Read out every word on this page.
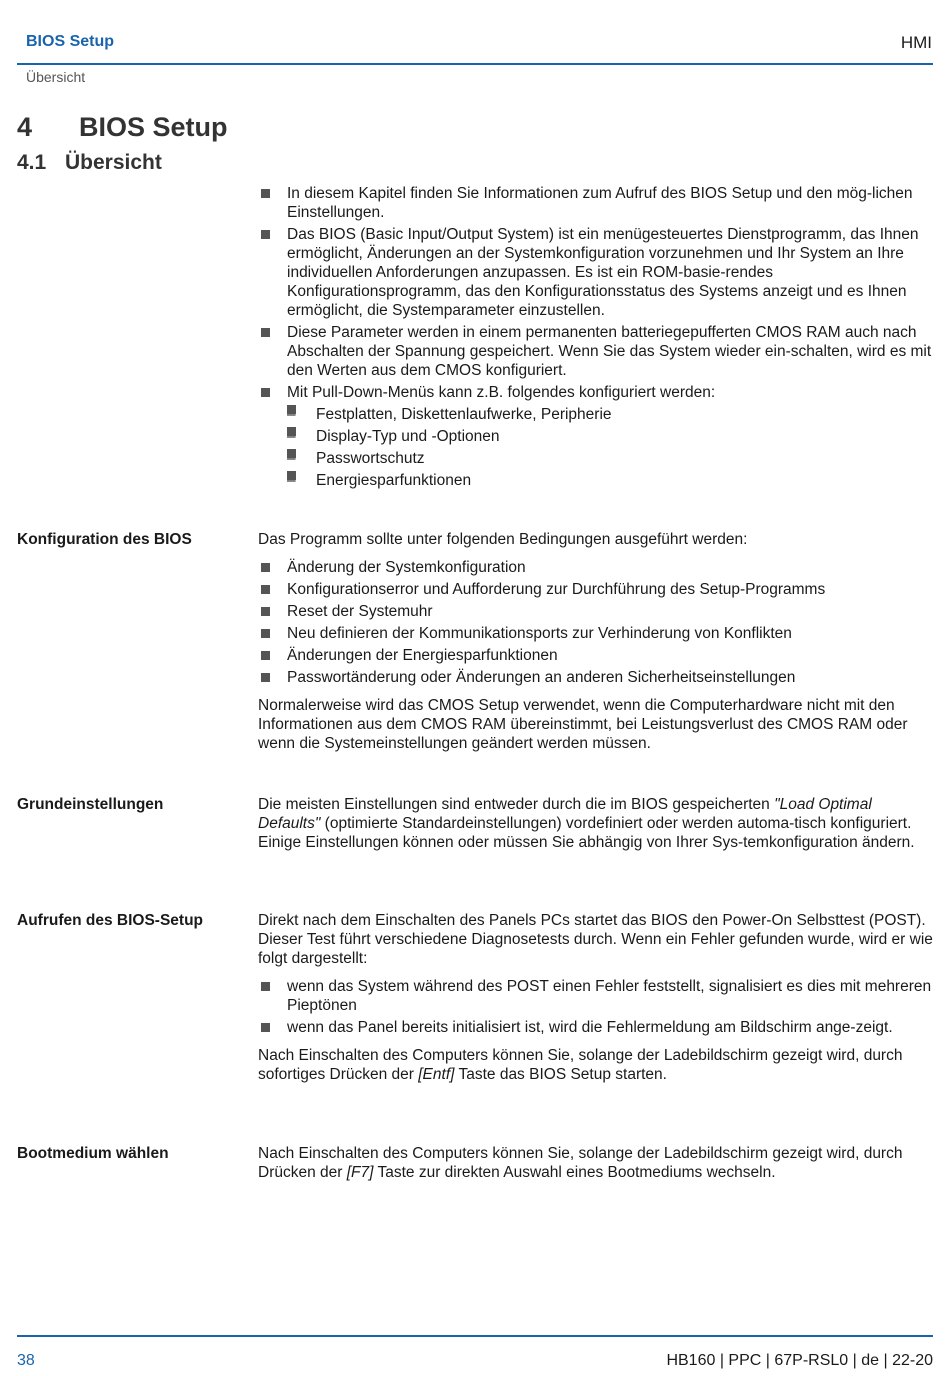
BIOS Setup	HMI
Übersicht
4 BIOS Setup
4.1 Übersicht
In diesem Kapitel finden Sie Informationen zum Aufruf des BIOS Setup und den mög-lichen Einstellungen.
Das BIOS (Basic Input/Output System) ist ein menügesteuertes Dienstprogramm, das Ihnen ermöglicht, Änderungen an der Systemkonfiguration vorzunehmen und Ihr System an Ihre individuellen Anforderungen anzupassen. Es ist ein ROM-basie-rendes Konfigurationsprogramm, das den Konfigurationsstatus des Systems anzeigt und es Ihnen ermöglicht, die Systemparameter einzustellen.
Diese Parameter werden in einem permanenten batteriegepufferten CMOS RAM auch nach Abschalten der Spannung gespeichert. Wenn Sie das System wieder ein-schalten, wird es mit den Werten aus dem CMOS konfiguriert.
Mit Pull-Down-Menüs kann z.B. folgendes konfiguriert werden:
– Festplatten, Diskettenlaufwerke, Peripherie
– Display-Typ und -Optionen
– Passwortschutz
– Energiesparfunktionen
Konfiguration des BIOS	Das Programm sollte unter folgenden Bedingungen ausgeführt werden:

Änderung der Systemkonfiguration
Konfigurationserror und Aufforderung zur Durchführung des Setup-Programms
Reset der Systemuhr
Neu definieren der Kommunikationsports zur Verhinderung von Konflikten
Änderungen der Energiesparfunktionen
Passwortänderung oder Änderungen an anderen Sicherheitseinstellungen

Normalerweise wird das CMOS Setup verwendet, wenn die Computerhardware nicht mit den Informationen aus dem CMOS RAM übereinstimmt, bei Leistungsverlust des CMOS RAM oder wenn die Systemeinstellungen geändert werden müssen.

Grundeinstellungen	Die meisten Einstellungen sind entweder durch die im BIOS gespeicherten "Load Optimal Defaults" (optimierte Standardeinstellungen) vordefiniert oder werden automa-tisch konfiguriert. Einige Einstellungen können oder müssen Sie abhängig von Ihrer Sys-temkonfiguration ändern.

Aufrufen des BIOS-Setup	Direkt nach dem Einschalten des Panels PCs startet das BIOS den Power-On Selbsttest (POST). Dieser Test führt verschiedene Diagnosetests durch. Wenn ein Fehler gefunden wurde, wird er wie folgt dargestellt:

wenn das System während des POST einen Fehler feststellt, signalisiert es dies mit mehreren Pieptönen
wenn das Panel bereits initialisiert ist, wird die Fehlermeldung am Bildschirm ange-zeigt.

Nach Einschalten des Computers können Sie, solange der Ladebildschirm gezeigt wird, durch sofortiges Drücken der [Entf] Taste das BIOS Setup starten.

Bootmedium wählen	Nach Einschalten des Computers können Sie, solange der Ladebildschirm gezeigt wird, durch Drücken der [F7] Taste zur direkten Auswahl eines Bootmediums wechseln.

38	HB160 | PPC | 67P-RSL0 | de | 22-20
